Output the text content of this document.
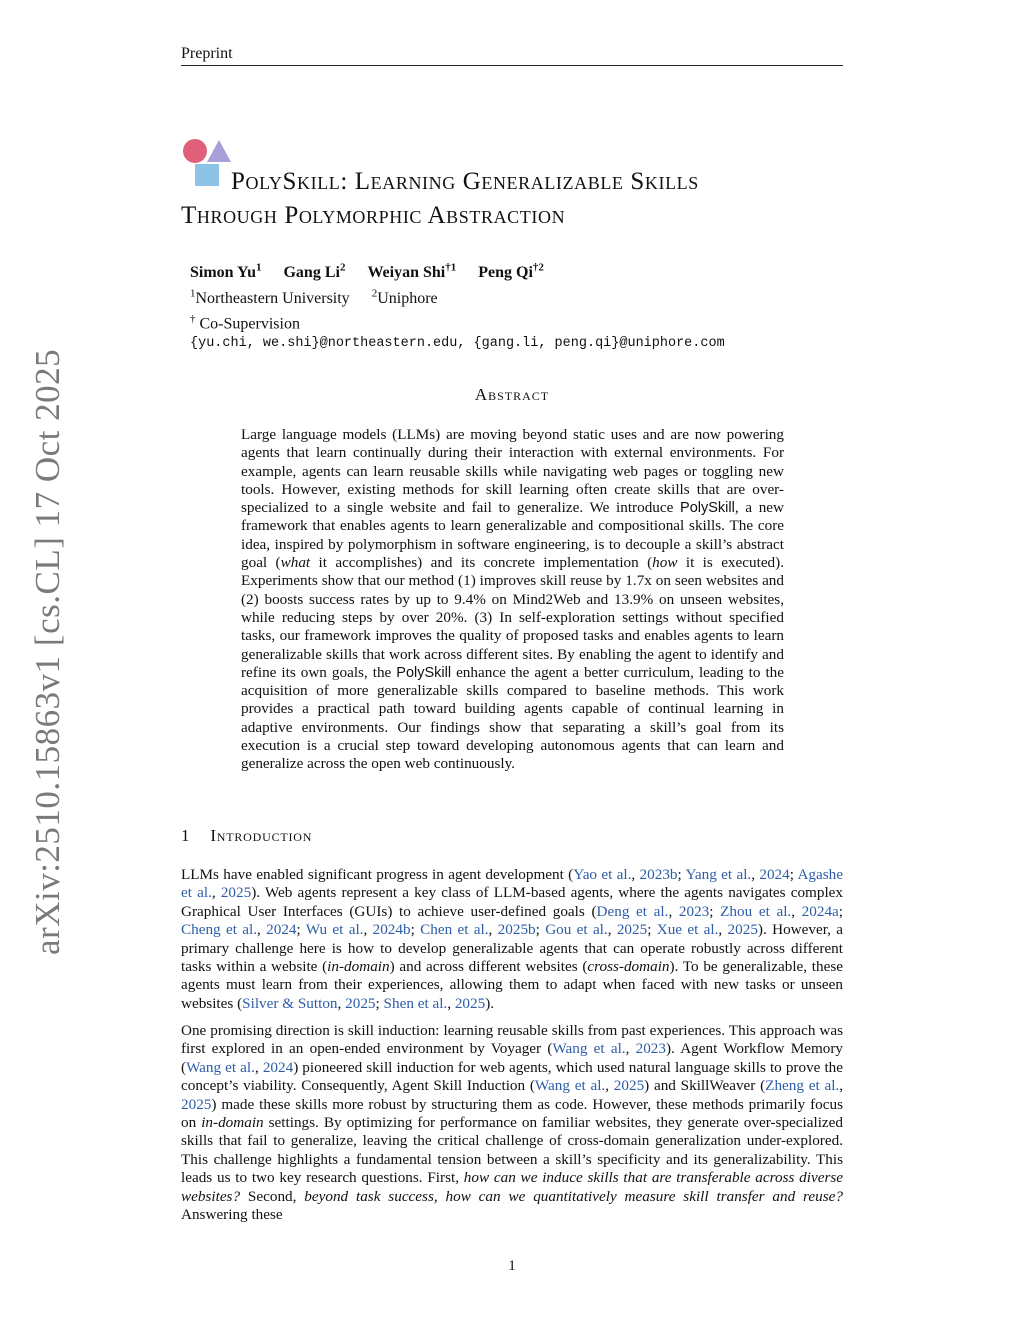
Preprint
arXiv:2510.15863v1 [cs.CL] 17 Oct 2025
PolySkill: Learning Generalizable Skills
Through Polymorphic Abstraction
Simon Yu$^1$ Gang Li$^2$ Weiyan Shi$^{\dagger 1}$ Peng Qi$^{\dagger 2}$
$^1$Northeastern University $^2$Uniphore
† Co-Supervision
{yu.chi, we.shi}@northeastern.edu, {gang.li, peng.qi}@uniphore.com
Abstract
Large language models (LLMs) are moving beyond static uses and are now powering agents that learn continually during their interaction with external environments. For example, agents can learn reusable skills while navigating web pages or toggling new tools. However, existing methods for skill learning often create skills that are over-specialized to a single website and fail to generalize. We introduce PolySkill, a new framework that enables agents to learn generalizable and compositional skills. The core idea, inspired by polymorphism in software engineering, is to decouple a skill’s abstract goal (what it accomplishes) and its concrete implementation (how it is executed). Experiments show that our method (1) improves skill reuse by 1.7x on seen websites and (2) boosts success rates by up to 9.4% on Mind2Web and 13.9% on unseen websites, while reducing steps by over 20%. (3) In self-exploration settings without specified tasks, our framework improves the quality of proposed tasks and enables agents to learn generalizable skills that work across different sites. By enabling the agent to identify and refine its own goals, the PolySkill enhance the agent a better curriculum, leading to the acquisition of more generalizable skills compared to baseline methods. This work provides a practical path toward building agents capable of continual learning in adaptive environments. Our findings show that separating a skill’s goal from its execution is a crucial step toward developing autonomous agents that can learn and generalize across the open web continuously.
1 Introduction
LLMs have enabled significant progress in agent development (Yao et al., 2023b; Yang et al., 2024; Agashe et al., 2025). Web agents represent a key class of LLM-based agents, where the agents navigates complex Graphical User Interfaces (GUIs) to achieve user-defined goals (Deng et al., 2023; Zhou et al., 2024a; Cheng et al., 2024; Wu et al., 2024b; Chen et al., 2025b; Gou et al., 2025; Xue et al., 2025). However, a primary challenge here is how to develop generalizable agents that can operate robustly across different tasks within a website (in-domain) and across different websites (cross-domain). To be generalizable, these agents must learn from their experiences, allowing them to adapt when faced with new tasks or unseen websites (Silver & Sutton, 2025; Shen et al., 2025).
One promising direction is skill induction: learning reusable skills from past experiences. This approach was first explored in an open-ended environment by Voyager (Wang et al., 2023). Agent Workflow Memory (Wang et al., 2024) pioneered skill induction for web agents, which used natural language skills to prove the concept’s viability. Consequently, Agent Skill Induction (Wang et al., 2025) and SkillWeaver (Zheng et al., 2025) made these skills more robust by structuring them as code. However, these methods primarily focus on in-domain settings. By optimizing for performance on familiar websites, they generate over-specialized skills that fail to generalize, leaving the critical challenge of cross-domain generalization under-explored. This challenge highlights a fundamental tension between a skill’s specificity and its generalizability. This leads us to two key research questions. First, how can we induce skills that are transferable across diverse websites? Second, beyond task success, how can we quantitatively measure skill transfer and reuse? Answering these
1
